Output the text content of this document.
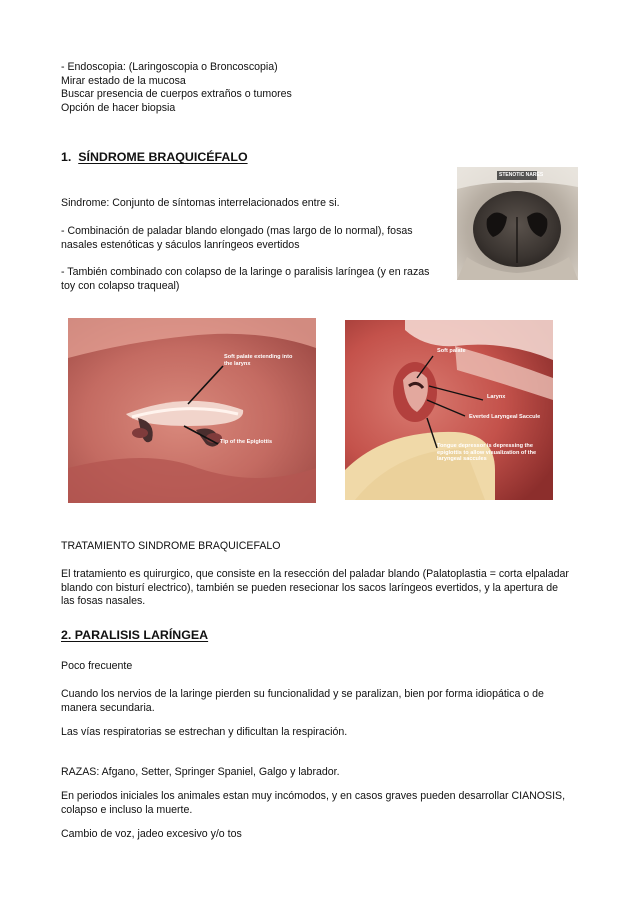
- Endoscopia: (Laringoscopia o Broncoscopia)
Mirar estado de la mucosa
Buscar presencia de cuerpos extraños o tumores
Opción de hacer biopsia
1. SÍNDROME BRAQUICÉFALO
Sindrome: Conjunto de síntomas interrelacionados entre si.
- Combinación de paladar blando elongado (mas largo de lo normal), fosas
nasales estenóticas y sáculos lanríngeos evertidos
- También combinado con colapso de la laringe o paralisis laríngea (y en razas
toy con colapso traqueal)
STENOTIC NARES
Soft palate extending into
the larynx
Tip of the Epiglottis
Soft palate
Larynx
Everted Laryngeal Saccule
Tongue depressor is depressing the
epiglottis to allow visualization of the
laryngeal saccules
TRATAMIENTO SINDROME BRAQUICEFALO
El tratamiento es quirurgico, que consiste en la resección del paladar blando (Palatoplastia = corta elpaladar
blando con bisturí electrico), también se pueden resecionar los sacos laríngeos evertidos, y la apertura de
las fosas nasales.
2. PARALISIS LARÍNGEA
Poco frecuente
Cuando los nervios de la laringe pierden su funcionalidad y se paralizan, bien por forma idiopática o de
manera secundaria.
Las vías respiratorias se estrechan y dificultan la respiración.
RAZAS: Afgano, Setter, Springer Spaniel, Galgo y labrador.
En periodos iniciales los animales estan muy incómodos, y en casos graves pueden desarrollar CIANOSIS,
colapso e incluso la muerte.
Cambio de voz, jadeo excesivo y/o tos
